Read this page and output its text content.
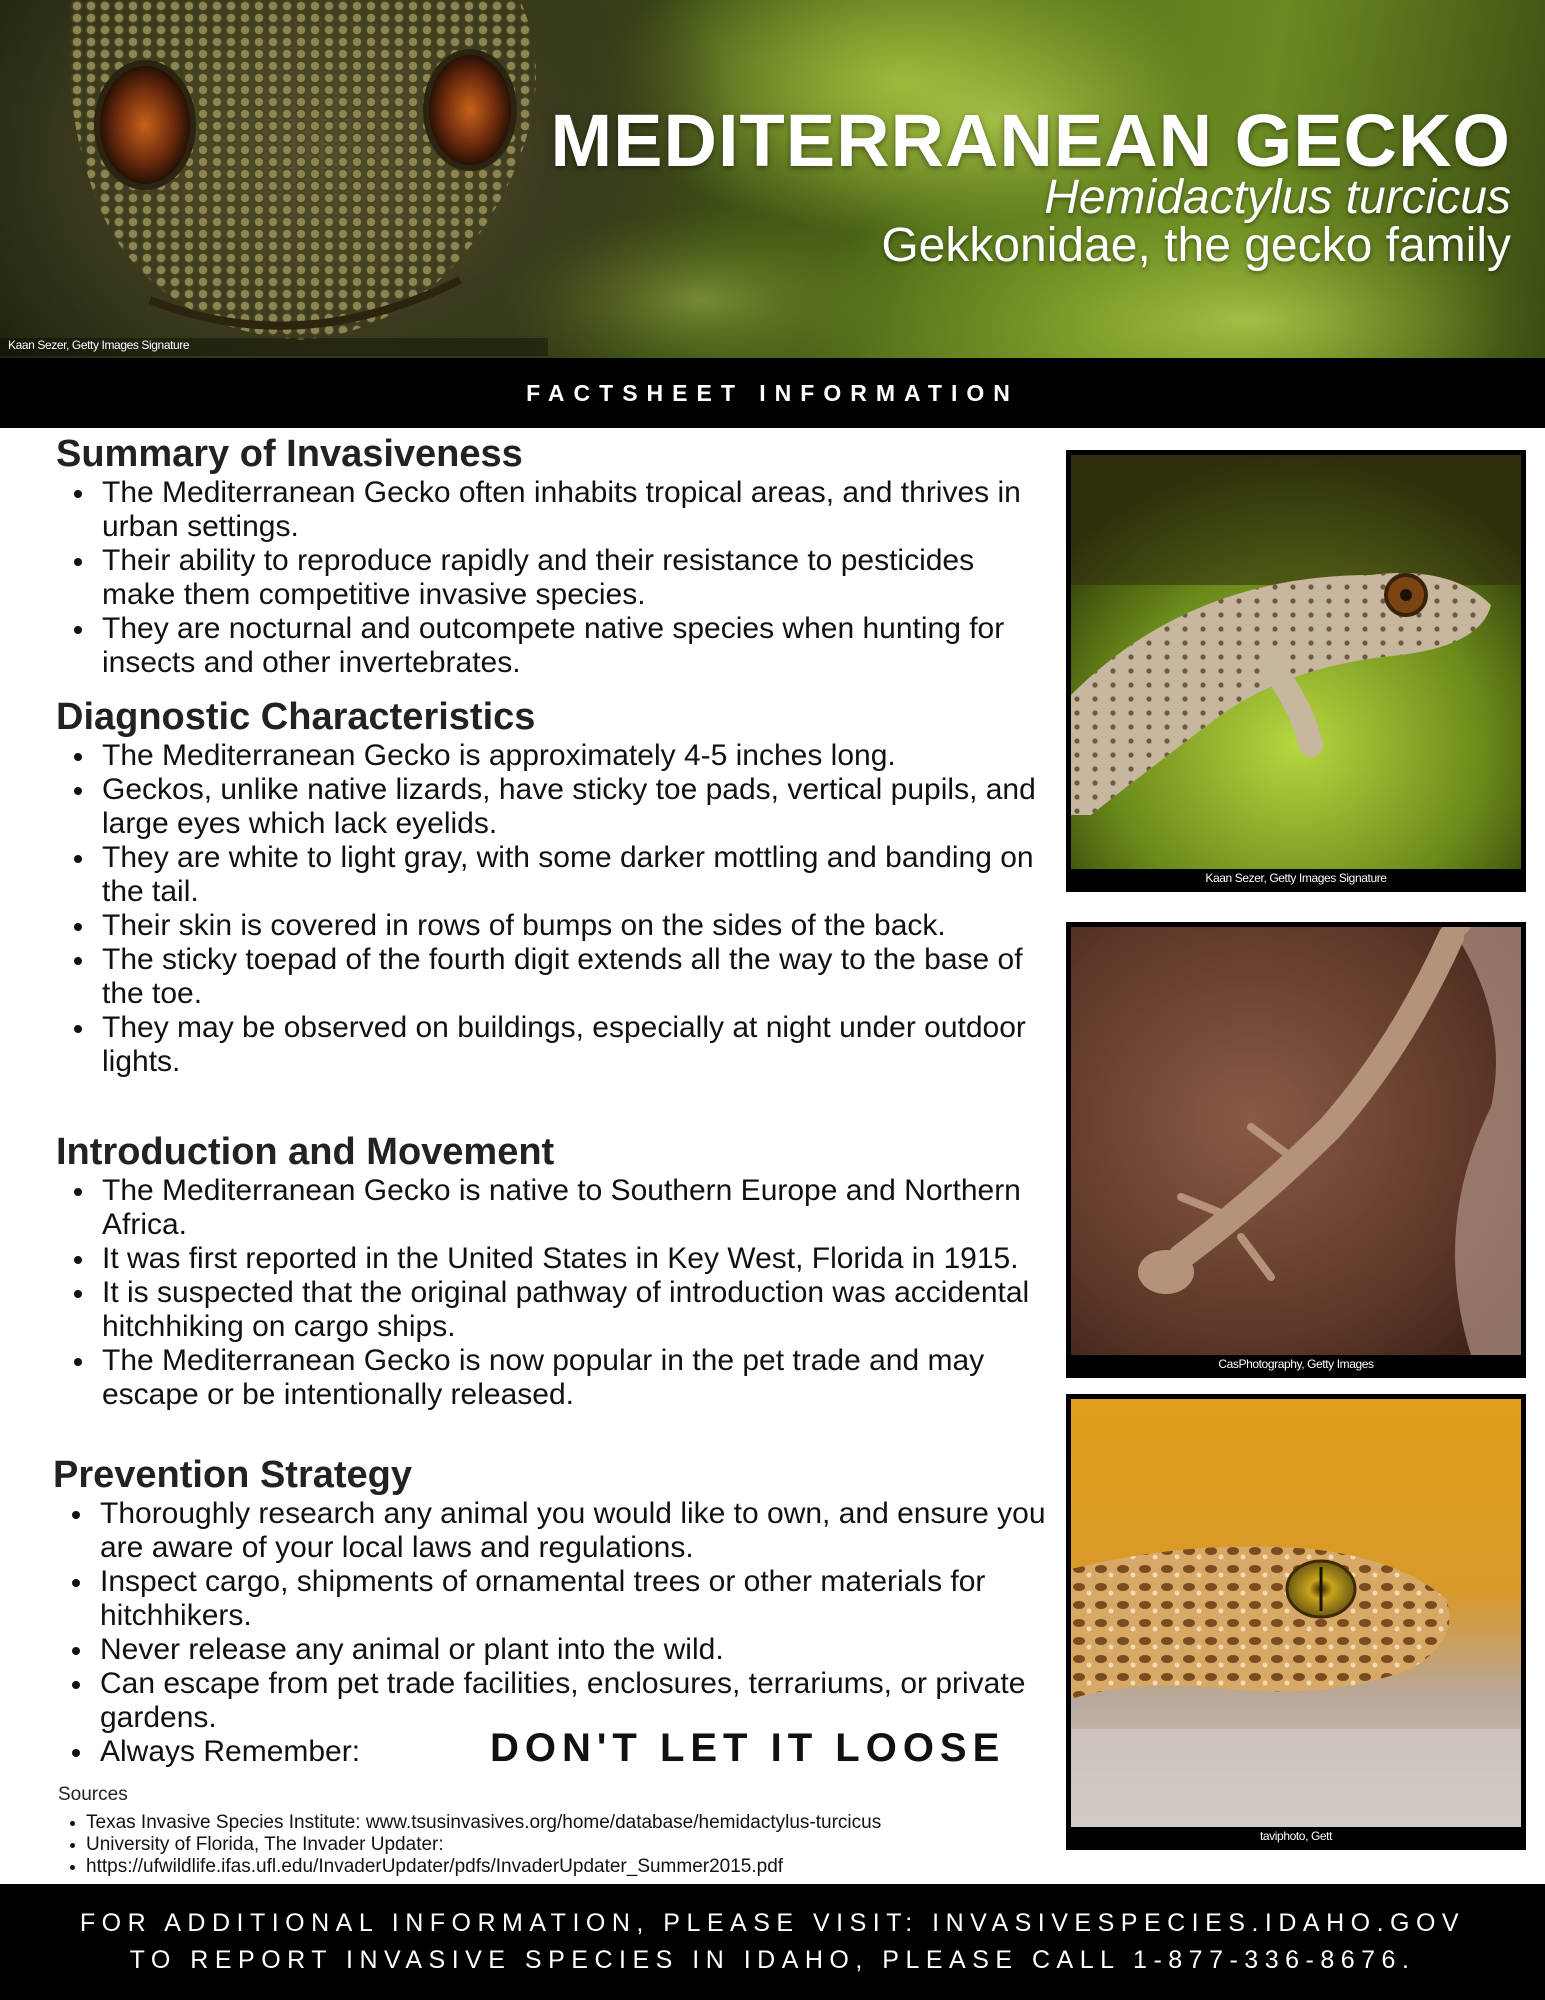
MEDITERRANEAN GECKO
Hemidactylus turcicus
Gekkonidae, the gecko family
Kaan Sezer, Getty Images Signature
FACTSHEET INFORMATION
Summary of Invasiveness
The Mediterranean Gecko often inhabits tropical areas, and thrives in urban settings.
Their ability to reproduce rapidly and their resistance to pesticides make them competitive invasive species.
They are nocturnal and outcompete native species when hunting for insects and other invertebrates.
Diagnostic Characteristics
The Mediterranean Gecko is approximately 4-5 inches long.
Geckos, unlike native lizards, have sticky toe pads, vertical pupils, and large eyes which lack eyelids.
They are white to light gray, with some darker mottling and banding on the tail.
Their skin is covered in rows of bumps on the sides of the back.
The sticky toepad of the fourth digit extends all the way to the base of the toe.
They may be observed on buildings, especially at night under outdoor lights.
Introduction and Movement
The Mediterranean Gecko is native to Southern Europe and Northern Africa.
It was first reported in the United States in Key West, Florida in 1915.
It is suspected that the original pathway of introduction was accidental hitchhiking on cargo ships.
The Mediterranean Gecko is now popular in the pet trade and may escape or be intentionally released.
Prevention Strategy
Thoroughly research any animal you would like to own, and ensure you are aware of your local laws and regulations.
Inspect cargo, shipments of ornamental trees or other materials for hitchhikers.
Never release any animal or plant into the wild.
Can escape from pet trade facilities, enclosures, terrariums, or private gardens.
Always Remember:	DON'T LET IT LOOSE
Sources
Texas Invasive Species Institute: www.tsusinvasives.org/home/database/hemidactylus-turcicus
University of Florida, The Invader Updater:
https://ufwildlife.ifas.ufl.edu/InvaderUpdater/pdfs/InvaderUpdater_Summer2015.pdf
Kaan Sezer, Getty Images Signature
CasPhotography, Getty Images
taviphoto, Gett
FOR ADDITIONAL INFORMATION, PLEASE VISIT: INVASIVESPECIES.IDAHO.GOV
TO REPORT INVASIVE SPECIES IN IDAHO, PLEASE CALL 1-877-336-8676.
